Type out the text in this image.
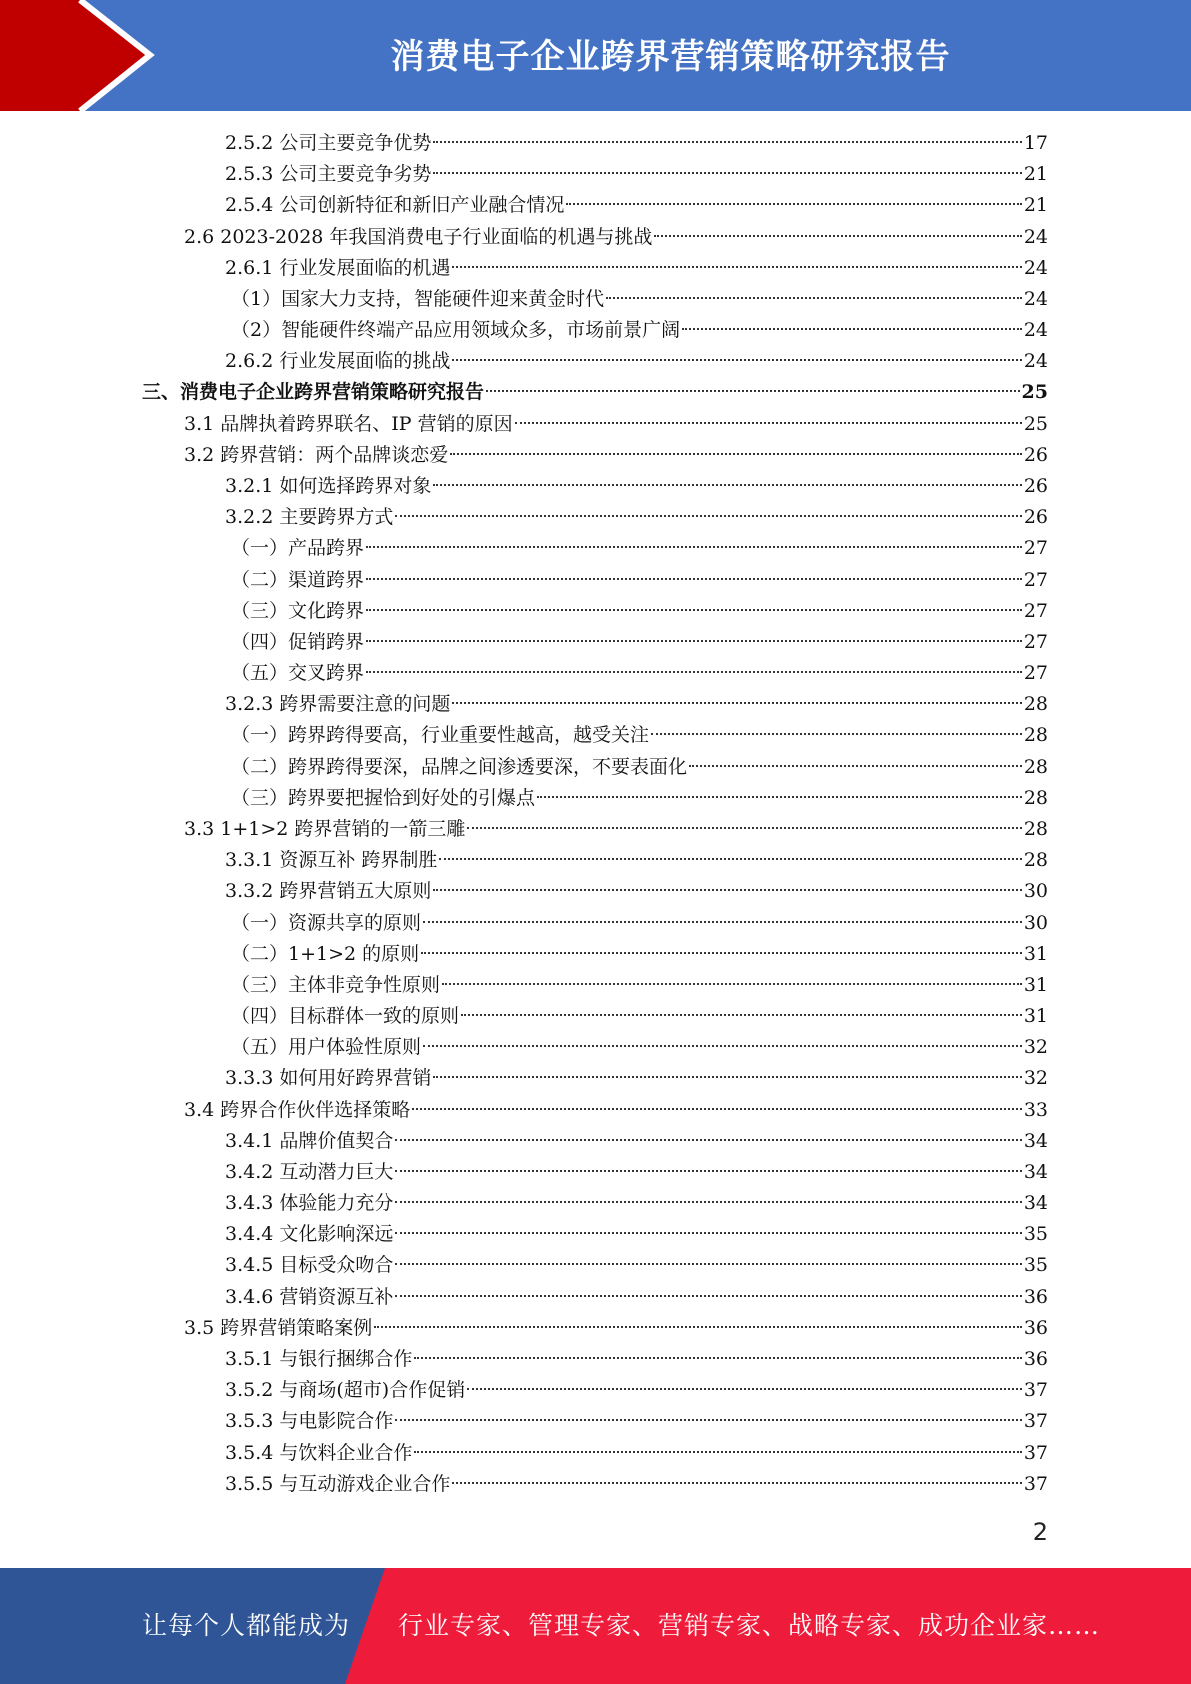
消费电子企业跨界营销策略研究报告
2.5.2 公司主要竞争优势	17
2.5.3 公司主要竞争劣势	21
2.5.4 公司创新特征和新旧产业融合情况	21
2.6 2023-2028 年我国消费电子行业面临的机遇与挑战	24
2.6.1 行业发展面临的机遇	24
（1）国家大力支持，智能硬件迎来黄金时代	24
（2）智能硬件终端产品应用领域众多，市场前景广阔	24
2.6.2 行业发展面临的挑战	24
三、消费电子企业跨界营销策略研究报告	25
3.1 品牌执着跨界联名、IP 营销的原因	25
3.2 跨界营销：两个品牌谈恋爱	26
3.2.1 如何选择跨界对象	26
3.2.2 主要跨界方式	26
（一）产品跨界	27
（二）渠道跨界	27
（三）文化跨界	27
（四）促销跨界	27
（五）交叉跨界	27
3.2.3 跨界需要注意的问题	28
（一）跨界跨得要高，行业重要性越高，越受关注	28
（二）跨界跨得要深，品牌之间渗透要深，不要表面化	28
（三）跨界要把握恰到好处的引爆点	28
3.3 1+1>2 跨界营销的一箭三雕	28
3.3.1 资源互补 跨界制胜	28
3.3.2 跨界营销五大原则	30
（一）资源共享的原则	30
（二）1+1>2 的原则	31
（三）主体非竞争性原则	31
（四）目标群体一致的原则	31
（五）用户体验性原则	32
3.3.3 如何用好跨界营销	32
3.4 跨界合作伙伴选择策略	33
3.4.1 品牌价值契合	34
3.4.2 互动潜力巨大	34
3.4.3 体验能力充分	34
3.4.4 文化影响深远	35
3.4.5 目标受众吻合	35
3.4.6 营销资源互补	36
3.5 跨界营销策略案例	36
3.5.1 与银行捆绑合作	36
3.5.2 与商场(超市)合作促销	37
3.5.3 与电影院合作	37
3.5.4 与饮料企业合作	37
3.5.5 与互动游戏企业合作	37
2
让每个人都能成为 行业专家、管理专家、营销专家、战略专家、成功企业家……
